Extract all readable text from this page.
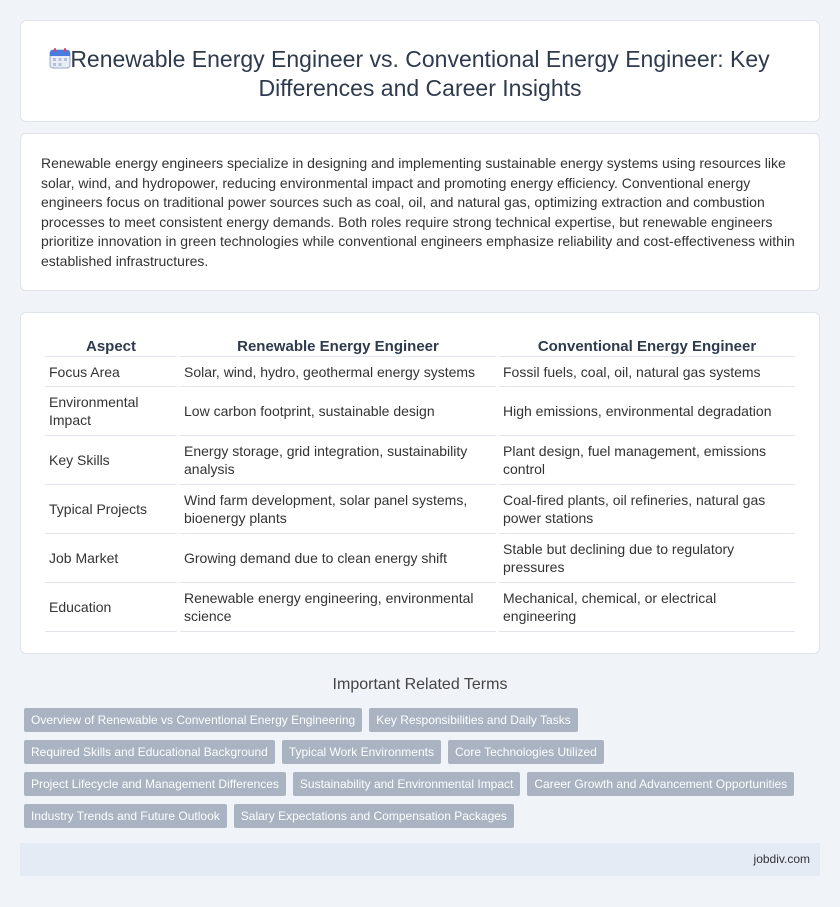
Renewable Energy Engineer vs. Conventional Energy Engineer: Key Differences and Career Insights
Renewable energy engineers specialize in designing and implementing sustainable energy systems using resources like solar, wind, and hydropower, reducing environmental impact and promoting energy efficiency. Conventional energy engineers focus on traditional power sources such as coal, oil, and natural gas, optimizing extraction and combustion processes to meet consistent energy demands. Both roles require strong technical expertise, but renewable engineers prioritize innovation in green technologies while conventional engineers emphasize reliability and cost-effectiveness within established infrastructures.
Aspect	Renewable Energy Engineer	Conventional Energy Engineer
Focus Area	Solar, wind, hydro, geothermal energy systems	Fossil fuels, coal, oil, natural gas systems
Environmental Impact	Low carbon footprint, sustainable design	High emissions, environmental degradation
Key Skills	Energy storage, grid integration, sustainability analysis	Plant design, fuel management, emissions control
Typical Projects	Wind farm development, solar panel systems, bioenergy plants	Coal-fired plants, oil refineries, natural gas power stations
Job Market	Growing demand due to clean energy shift	Stable but declining due to regulatory pressures
Education	Renewable energy engineering, environmental science	Mechanical, chemical, or electrical engineering
Important Related Terms
Overview of Renewable vs Conventional Energy Engineering	Key Responsibilities and Daily Tasks
Required Skills and Educational Background	Typical Work Environments	Core Technologies Utilized
Project Lifecycle and Management Differences	Sustainability and Environmental Impact	Career Growth and Advancement Opportunities
Industry Trends and Future Outlook	Salary Expectations and Compensation Packages
jobdiv.com
